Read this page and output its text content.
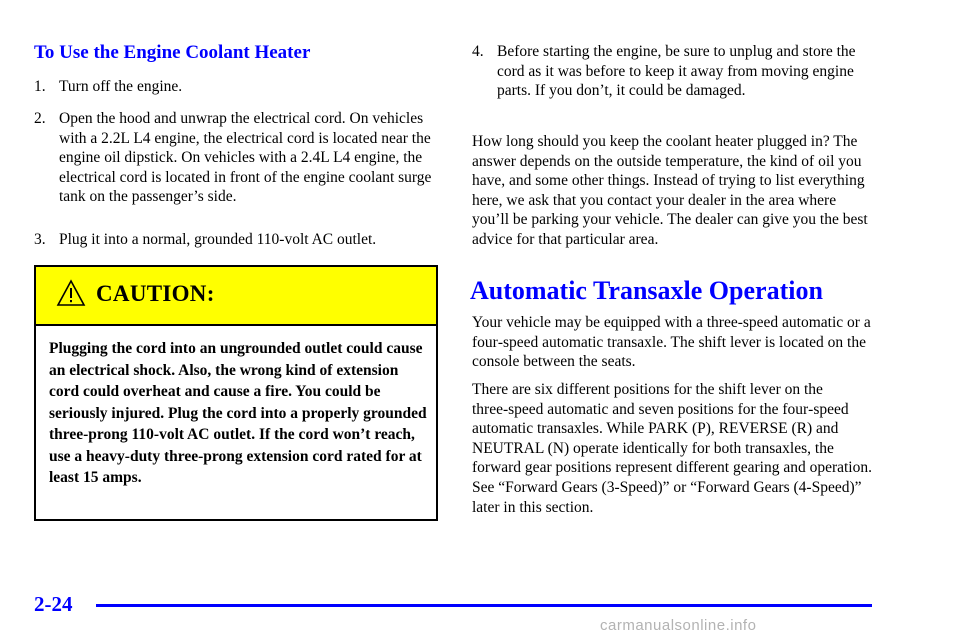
To Use the Engine Coolant Heater
1. Turn off the engine.
2. Open the hood and unwrap the electrical cord. On vehicles with a 2.2L L4 engine, the electrical cord is located near the engine oil dipstick. On vehicles with a 2.4L L4 engine, the electrical cord is located in front of the engine coolant surge tank on the passenger’s side.
3. Plug it into a normal, grounded 110‑volt AC outlet.
CAUTION:

Plugging the cord into an ungrounded outlet could cause an electrical shock. Also, the wrong kind of extension cord could overheat and cause a fire. You could be seriously injured. Plug the cord into a properly grounded three‑prong 110‑volt AC outlet. If the cord won’t reach, use a heavy‑duty three‑prong extension cord rated for at least 15 amps.

4. Before starting the engine, be sure to unplug and store the cord as it was before to keep it away from moving engine parts. If you don’t, it could be damaged.

How long should you keep the coolant heater plugged in? The answer depends on the outside temperature, the kind of oil you have, and some other things. Instead of trying to list everything here, we ask that you contact your dealer in the area where you’ll be parking your vehicle. The dealer can give you the best advice for that particular area.

Automatic Transaxle Operation

Your vehicle may be equipped with a three‑speed automatic or a four‑speed automatic transaxle. The shift lever is located on the console between the seats.

There are six different positions for the shift lever on the three‑speed automatic and seven positions for the four‑speed automatic transaxles. While PARK (P), REVERSE (R) and NEUTRAL (N) operate identically for both transaxles, the forward gear positions represent different gearing and operation. See “Forward Gears (3‑Speed)” or “Forward Gears (4‑Speed)” later in this section.

2-24
carmanualsonline.info
